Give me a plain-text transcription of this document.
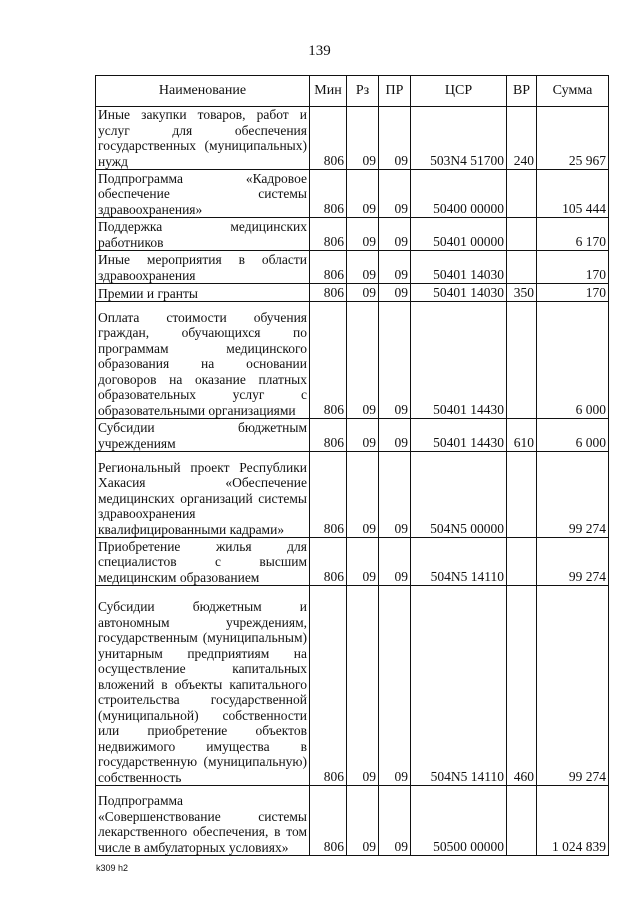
139
Наименование	Мин	Рз	ПР	ЦСР	ВР	Сумма
Иные закупки товаров, работ и услуг для обеспечения государственных (муниципальных) нужд	806	09	09	503N4 51700	240	25 967
Подпрограмма «Кадровое обеспечение системы здравоохранения»	806	09	09	50400 00000		105 444
Поддержка медицинских работников	806	09	09	50401 00000		6 170
Иные мероприятия в области здравоохранения	806	09	09	50401 14030		170
Премии и гранты	806	09	09	50401 14030	350	170
Оплата стоимости обучения граждан, обучающихся по программам медицинского образования на основании договоров на оказание платных образовательных услуг с образовательными организациями	806	09	09	50401 14430		6 000
Субсидии бюджетным учреждениям	806	09	09	50401 14430	610	6 000
Региональный проект Республики Хакасия «Обеспечение медицинских организаций системы здравоохранения квалифицированными кадрами»	806	09	09	504N5 00000		99 274
Приобретение жилья для специалистов с высшим медицинским образованием	806	09	09	504N5 14110		99 274
Субсидии бюджетным и автономным учреждениям, государственным (муниципальным) унитарным предприятиям на осуществление капитальных вложений в объекты капитального строительства государственной (муниципальной) собственности или приобретение объектов недвижимого имущества в государственную (муниципальную) собственность	806	09	09	504N5 14110	460	99 274
Подпрограмма «Совершенствование системы лекарственного обеспечения, в том числе в амбулаторных условиях»	806	09	09	50500 00000		1 024 839
k309 h2
